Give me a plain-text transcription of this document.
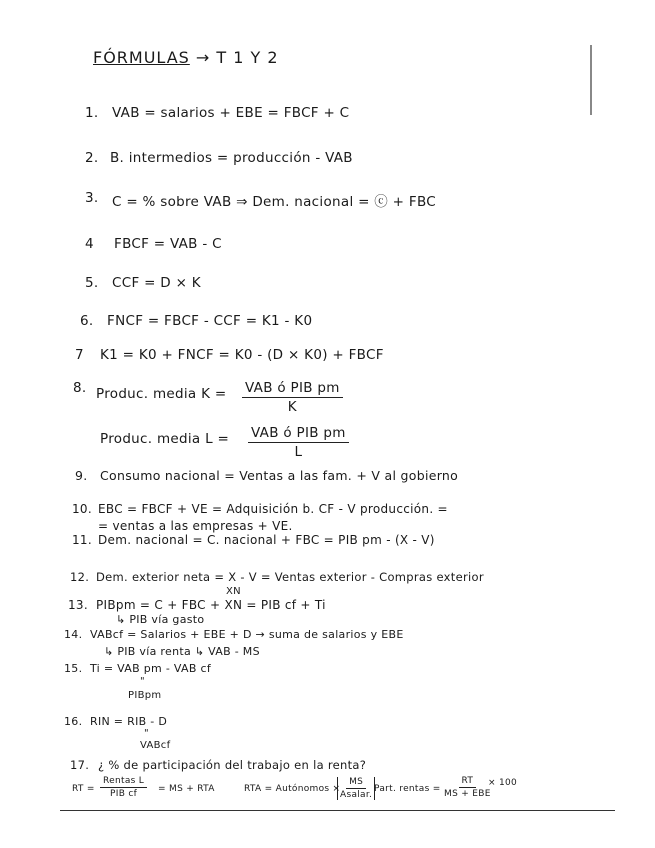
FÓRMULAS → T 1 Y 2
1.	VAB = salarios + EBE = FBCF + C
2. B. intermedios = producción - VAB
3.	C = % sobre VAB ⇒ Dem. nacional = ⓒ + FBC
4	FBCF = VAB - C
5.	CCF = D × K
6.	FNCF = FBCF - CCF = K1 - K0
7	K1 = K0 + FNCF = K0 - (D × K0) + FBCF
8. Produc. media K = VAB ó PIB pm
K
Produc. media L = VAB ó PIB pm
L
9. Consumo nacional = Ventas a las fam. + V al gobierno
10. EBC = FBCF + VE = Adquisición b. CF - V producción. =
= ventas a las empresas + VE.
11. Dem. nacional = C. nacional + FBC = PIB pm - (X - V)
12. Dem. exterior neta = X - V = Ventas exterior - Compras exterior
XN
13. PIBpm = C + FBC + XN = PIB cf + Ti
↳ PIB vía gasto
14. VABcf = Salarios + EBE + D → suma de salarios y EBE
↳ PIB vía renta ↳ VAB - MS
15. Ti = VAB pm - VAB cf
"
PIBpm
16. RIN = RIB - D
"
VABcf
17. ¿ % de participación del trabajo en la renta?
RT =
Rentas L
PIB cf = MS + RTA	RTA = Autónomos ×
MS
Asalar.
Part. rentas =
RT
MS + EBE
× 100
